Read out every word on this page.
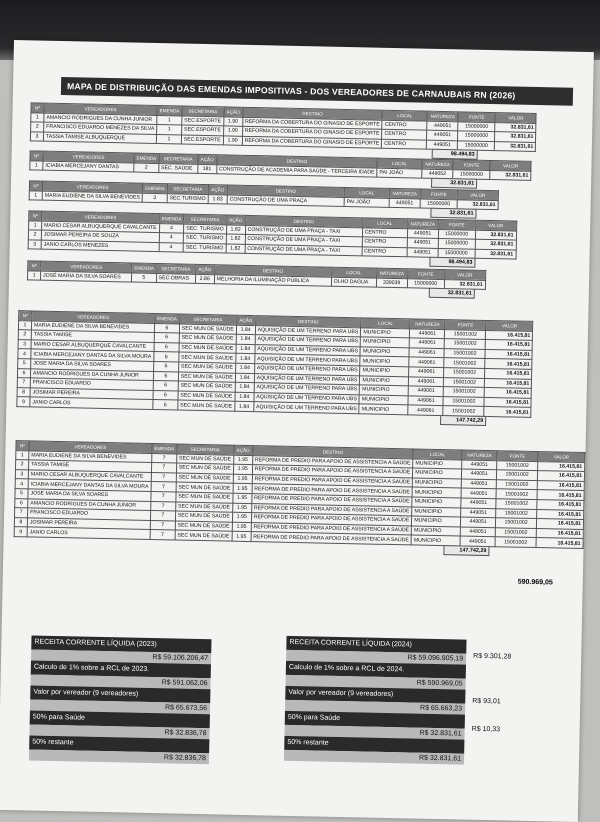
MAPA DE DISTRIBUIÇÃO DAS EMENDAS IMPOSITIVAS - DOS VEREADORES DE CARNAUBAIS RN (2026)
Nº	VEREADORES	EMENDA	SECRETARIA	AÇÃO	DESTINO	LOCAL	NATUREZA	FONTE	VALOR
1	AMANCIO RODRIGUES DA CUNHA JUNIOR	1	SEC.ESPORTE	1.90	REFORMA DA COBERTURA DO GINASIO DE ESPORTE	CENTRO	449051	15000000	32.831,61
2	FRANCISCO EDUARDO MENEZES DA SILVA	1	SEC.ESPORTE	1.90	REFORMA DA COBERTURA DO GINASIO DE ESPORTE	CENTRO	449051	15000000	32.831,61
3	TASSIA TAMISE ALBUQUERQUE	1	SEC.ESPORTE	1.90	REFORMA DA COBERTURA DO GINASIO DE ESPORTE	CENTRO	449051	15000000	32.831,61
98.494,83
Nº	VEREADORES	EMENDA	SECRETARIA	AÇÃO	DESTINO	LOCAL	NATUREZA	FONTE	VALOR
1	ICIABIA MERCEJANY DANTAS	2	SEC. SAÚDE	181	CONSTRUÇÃO DE ACADEMIA PARA SAÚDE - TERCEIRA IDADE	PAI JOÃO	449052	15000000	32.831,61
32.831,61
Nº	VEREADORES	EMENDA	SECRETARIA	AÇÃO	DESTINO	LOCAL	NATUREZA	FONTE	VALOR
1	MARIA EUDIENE DA SILVA BENEVIDES	3	SEC.TURISMO	1.83	CONSTRUÇÃO DE UMA PRAÇA	PAI JOÃO	449051	15000000	32.831,61
32.831,61
Nº	VEREADORES	EMENDA	SECRETARIA	AÇÃO	DESTINO	LOCAL	NATUREZA	FONTE	VALOR
1	MARIO CESAR ALBUQUERQUE CAVALCANTE	4	SEC. TURISMO	1.82	CONSTRUÇÃO DE UMA PRAÇA - TAXI	CENTRO	449051	15000000	32.831,61
2	JOSIMAR PEREIRA DE SOUZA	4	SEC. TURISMO	1.82	CONSTRUÇÃO DE UMA PRAÇA - TAXI	CENTRO	449051	15000000	32.831,61
3	JANIO CARLOS MENEZES	4	SEC. TURISMO	1.82	CONSTRUÇÃO DE UMA PRAÇA - TAXI	CENTRO	449051	15000000	32.831,61
98.494,83
Nº	VEREADORES	EMENDA	SECRETARIA	AÇÃO	DESTINO	LOCAL	NATUREZA	FONTE	VALOR
1	JOSÉ MARIA DA SILVA SOARES	5	SEC.OBRAS	2.86	MELHORIA DA ILUMINAÇÃO PÚBLICA	OLHO DAGUA	339039	15000000	32.831,61
32.831,61
Nº	VEREADORES	EMENDA	SECRETARIA	AÇÃO	DESTINO	LOCAL	NATUREZA	FONTE	VALOR
1	MARIA EUDIENE DA SILVA BENEVIDES	6	SEC MUN DE SAÚDE	1.84	AQUISIÇÃO DE UM TERRENO PARA UBS	MUNICIPIO	449061	15001002	16.415,81
2	TASSIA TAMISE	6	SEC MUN DE SAÚDE	1.84	AQUISIÇÃO DE UM TERRENO PARA UBS	MUNICIPIO	449061	15001002	16.415,81
3	MARIO CESAR ALBUQUERQUE CAVALCANTE	6	SEC MUN DE SAÚDE	1.84	AQUISIÇÃO DE UM TERRENO PARA UBS	MUNICIPIO	449061	15001002	16.415,81
4	ICIABIA MERCEJANY DANTAS DA SILVA MOURA	6	SEC MUN DE SAÚDE	1.84	AQUISIÇÃO DE UM TERRENO PARA UBS	MUNICIPIO	449061	15001002	16.415,81
5	JOSE MARIA DA SILVA SOARES	6	SEC MUN DE SAÚDE	1.84	AQUISIÇÃO DE UM TERRENO PARA UBS	MUNICIPIO	449061	15001002	16.415,81
6	AMANCIO RODRIGUES DA CUNHA JUNIOR	6	SEC MUN DE SAÚDE	1.84	AQUISIÇÃO DE UM TERRENO PARA UBS	MUNICIPIO	449061	15001002	16.415,81
7	FRANCISCO EDUARDO	6	SEC MUN DE SAÚDE	1.84	AQUISIÇÃO DE UM TERRENO PARA UBS	MUNICIPIO	449061	15001002	16.415,81
8	JOSIMAR PEREIRA	6	SEC MUN DE SAÚDE	1.84	AQUISIÇÃO DE UM TERRENO PARA UBS	MUNICIPIO	449061	15001002	16.415,81
9	JANIO CARLOS	6	SEC MUN DE SAÚDE	1.84	AQUISIÇÃO DE UM TERRENO PARA UBS	MUNICIPIO	449061	15001002	16.415,81
147.742,29
Nº	VEREADORES	EMENDA	SECRETARIA	AÇÃO	DESTINO	LOCAL	NATUREZA	FONTE	VALOR
1	MARIA EUDIENE DA SILVA BENEVIDES	7	SEC MUN DE SAÚDE	1.95	REFORMA DE PREDIO PARA APOIO DE ASSISTENCIA A SAÚDE	MUNICIPIO	449051	15001002	16.415,81
2	TASSIA TAMISE	7	SEC MUN DE SAÚDE	1.95	REFORMA DE PREDIO PARA APOIO DE ASSISTENCIA A SAÚDE	MUNICIPIO	449051	15001002	16.415,81
3	MARIO CESAR ALBUQUERQUE CAVALCANTE	7	SEC MUN DE SAÚDE	1.95	REFORMA DE PREDIO PARA APOIO DE ASSISTENCIA A SAÚDE	MUNICIPIO	449051	15001002	16.415,81
4	ICIABIA MERCEJANY DANTAS DA SILVA MOURA	7	SEC MUN DE SAÚDE	1.95	REFORMA DE PREDIO PARA APOIO DE ASSISTENCIA A SAÚDE	MUNICIPIO	449051	15001002	16.415,81
5	JOSE MARIA DA SILVA SOARES	7	SEC MUN DE SAÚDE	1.95	REFORMA DE PREDIO PARA APOIO DE ASSISTENCIA A SAÚDE	MUNICIPIO	449051	15001002	16.415,81
6	AMANCIO RODRIGUES DA CUNHA JUNIOR	7	SEC MUN DE SAÚDE	1.95	REFORMA DE PREDIO PARA APOIO DE ASSISTENCIA A SAÚDE	MUNICIPIO	449051	15001002	16.415,81
7	FRANCISCO EDUARDO	7	SEC MUN DE SAÚDE	1.95	REFORMA DE PREDIO PARA APOIO DE ASSISTENCIA A SAÚDE	MUNICIPIO	449051	15001002	16.415,81
8	JOSIMAR PEREIRA	7	SEC MUN DE SAÚDE	1.95	REFORMA DE PREDIO PARA APOIO DE ASSISTENCIA A SAÚDE	MUNICIPIO	449051	15001002	16.415,81
9	JANIO CARLOS	7	SEC MUN DE SAÚDE	1.95	REFORMA DE PREDIO PARA APOIO DE ASSISTENCIA A SAÚDE	MUNICIPIO	449051	15001002	16.415,81
147.742,29
590.969,05
RECEITA CORRENTE LÍQUIDA (2023)
R$ 59.106.206,47
Calculo de 1% sobre a RCL de 2023.
R$ 591.062,06
Valor por vereador (9 vereadores)
R$ 65.673,56
50% para Saúde
R$ 32.836,78
50% restante
R$ 32.836,78
RECEITA CORRENTE LÍQUIDA (2024)
R$ 59.096.905,19
Calculo de 1% sobre a RCL de 2024.
R$ 590.969,05
Valor por vereador (9 vereadores)
R$ 65.663,23
50% para Saúde
R$ 32.831,61
50% restante
R$ 32.831,61
R$ 9.301,28
R$ 93,01
R$ 10,33
